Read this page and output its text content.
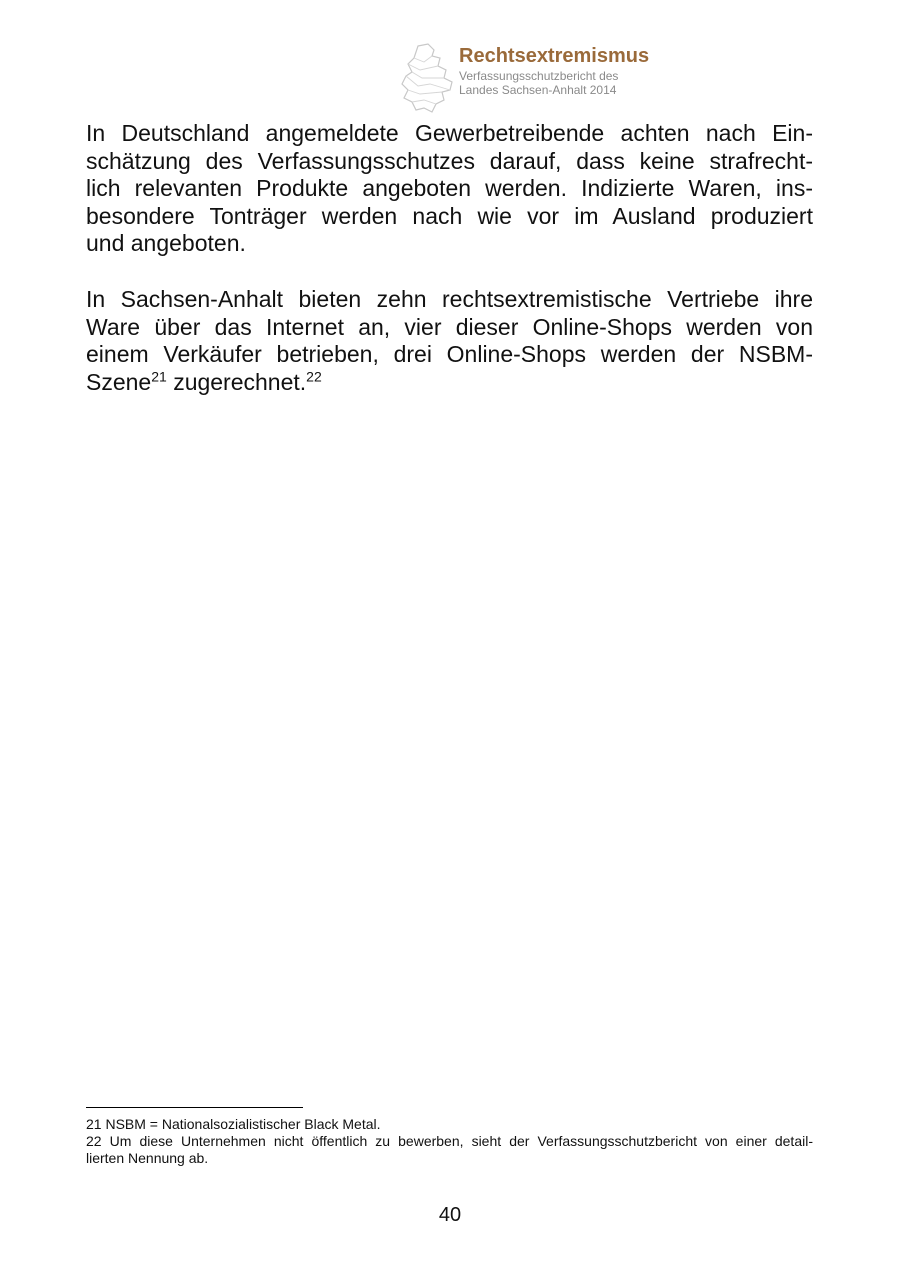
Rechtsextremismus
Verfassungsschutzbericht des
Landes Sachsen-Anhalt 2014
In Deutschland angemeldete Gewerbetreibende achten nach Ein-
schätzung des Verfassungsschutzes darauf, dass keine strafrecht-
lich relevanten Produkte angeboten werden. Indizierte Waren, ins-
besondere Tonträger werden nach wie vor im Ausland produziert
und angeboten.
In Sachsen-Anhalt bieten zehn rechtsextremistische Vertriebe ihre
Ware über das Internet an, vier dieser Online-Shops werden von
einem Verkäufer betrieben, drei Online-Shops werden der NSBM-
Szene$^{21}$ zugerechnet.$^{22}$
21 NSBM = Nationalsozialistischer Black Metal.
22 Um diese Unternehmen nicht öffentlich zu bewerben, sieht der Verfassungsschutzbericht von einer detail-
lierten Nennung ab.
40
